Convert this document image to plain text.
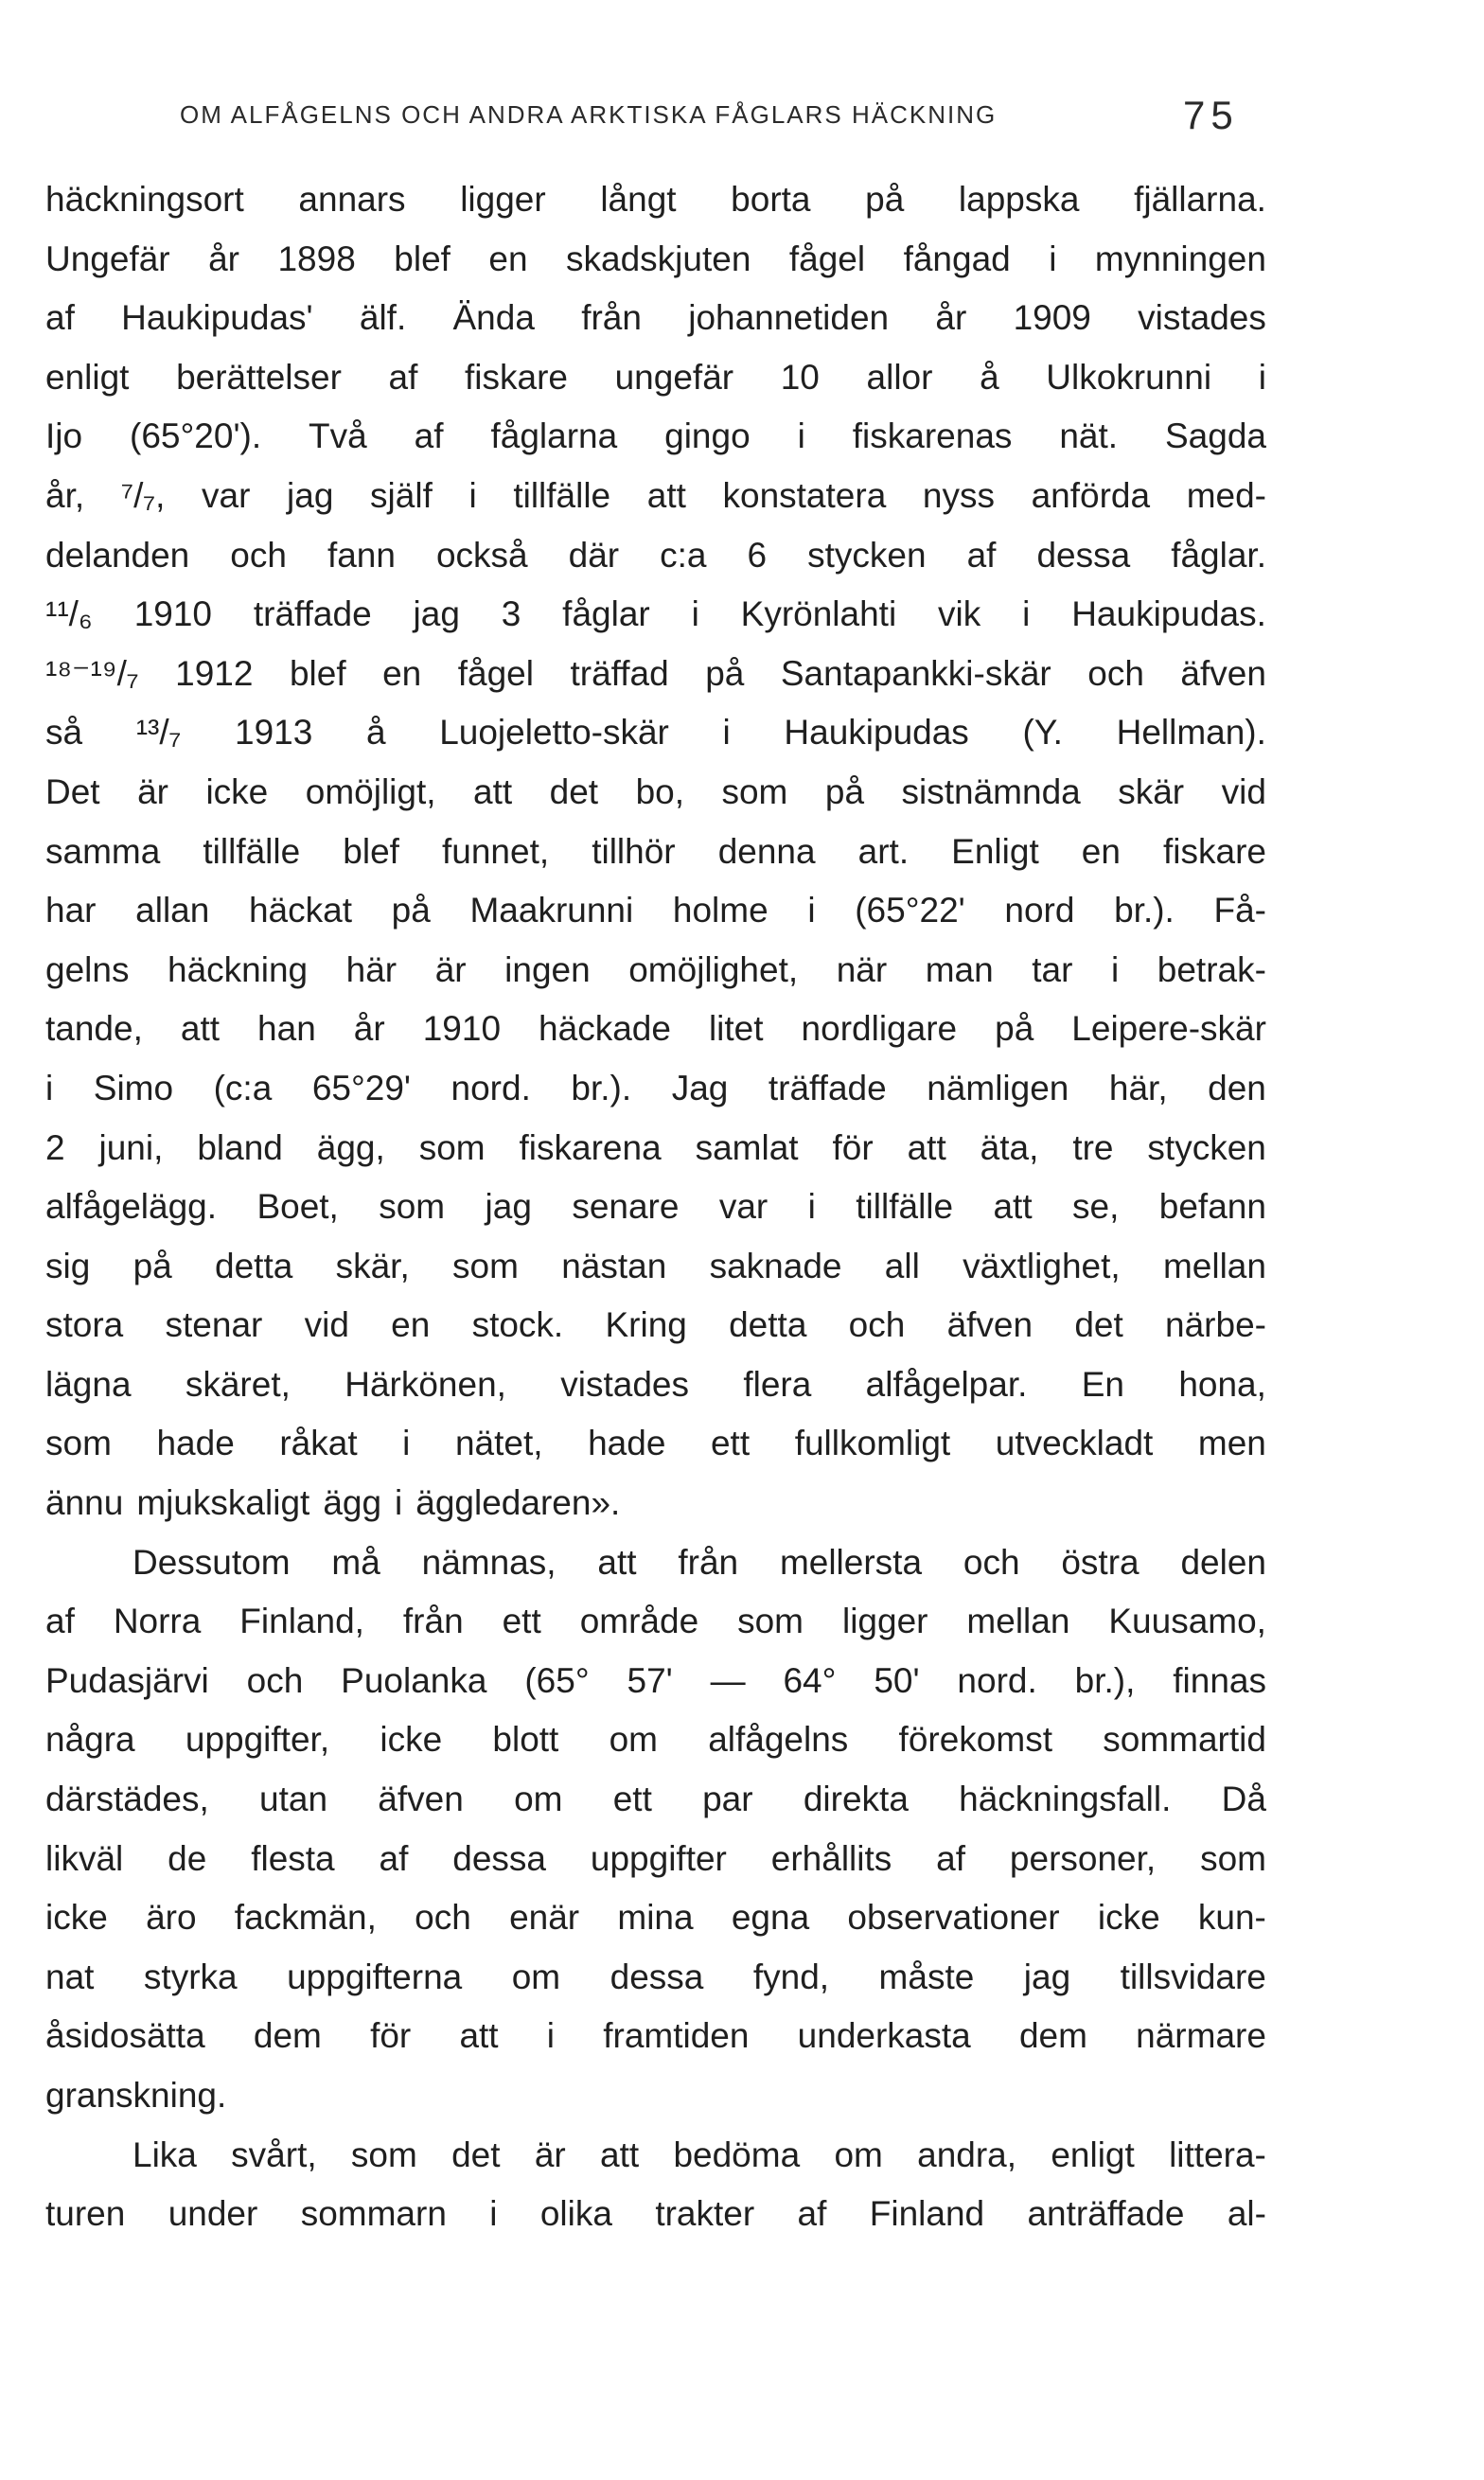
OM ALFÅGELNS OCH ANDRA ARKTISKA FÅGLARS HÄCKNING	75
häckningsort annars ligger långt borta på lappska fjällarna.
Ungefär år 1898 blef en skadskjuten fågel fångad i mynningen
af Haukipudas' älf. Ända från johannetiden år 1909 vistades
enligt berättelser af fiskare ungefär 10 allor å Ulkokrunni i
Ijo (65°20'). Två af fåglarna gingo i fiskarenas nät. Sagda
år, ⁷/₇, var jag själf i tillfälle att konstatera nyss anförda med-
delanden och fann också där c:a 6 stycken af dessa fåglar.
¹¹/₆ 1910 träffade jag 3 fåglar i Kyrönlahti vik i Haukipudas.
¹⁸⁻¹⁹/₇ 1912 blef en fågel träffad på Santapankki-skär och äfven
så ¹³/₇ 1913 å Luojeletto-skär i Haukipudas (Y. Hellman).
Det är icke omöjligt, att det bo, som på sistnämnda skär vid
samma tillfälle blef funnet, tillhör denna art. Enligt en fiskare
har allan häckat på Maakrunni holme i (65°22' nord br.). Få-
gelns häckning här är ingen omöjlighet, när man tar i betrak-
tande, att han år 1910 häckade litet nordligare på Leipere-skär
i Simo (c:a 65°29' nord. br.). Jag träffade nämligen här, den
2 juni, bland ägg, som fiskarena samlat för att äta, tre stycken
alfågelägg. Boet, som jag senare var i tillfälle att se, befann
sig på detta skär, som nästan saknade all växtlighet, mellan
stora stenar vid en stock. Kring detta och äfven det närbe-
lägna skäret, Härkönen, vistades flera alfågelpar. En hona,
som hade råkat i nätet, hade ett fullkomligt utveckladt men
ännu mjukskaligt ägg i äggledaren».
Dessutom må nämnas, att från mellersta och östra delen
af Norra Finland, från ett område som ligger mellan Kuusamo,
Pudasjärvi och Puolanka (65° 57' — 64° 50' nord. br.), finnas
några uppgifter, icke blott om alfågelns förekomst sommartid
därstädes, utan äfven om ett par direkta häckningsfall. Då
likväl de flesta af dessa uppgifter erhållits af personer, som
icke äro fackmän, och enär mina egna observationer icke kun-
nat styrka uppgifterna om dessa fynd, måste jag tillsvidare
åsidosätta dem för att i framtiden underkasta dem närmare
granskning.
Lika svårt, som det är att bedöma om andra, enligt littera-
turen under sommarn i olika trakter af Finland anträffade al-
